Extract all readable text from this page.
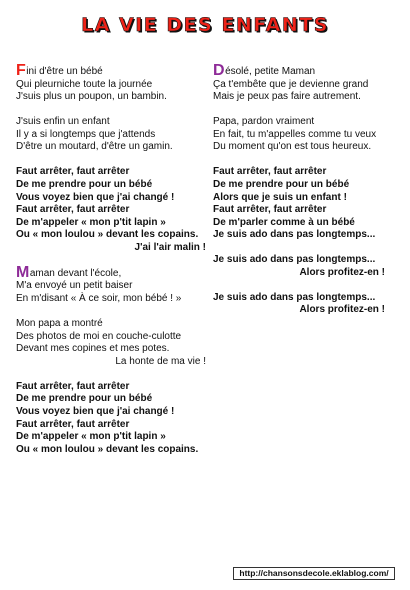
LA VIE DES ENFANTS
Fini d'être un bébé
Qui pleurniche toute la journée
J'suis plus un poupon, un bambin.
J'suis enfin un enfant
Il y a si longtemps que j'attends
D'être un moutard, d'être un gamin.
Faut arrêter, faut arrêter
De me prendre pour un bébé
Vous voyez bien que j'ai changé !
Faut arrêter, faut arrêter
De m'appeler « mon p'tit lapin »
Ou « mon loulou » devant les copains.
J'ai l'air malin !
Maman devant l'école,
M'a envoyé un petit baiser
En m'disant « À ce soir, mon bébé ! »
Mon papa a montré
Des photos de moi en couche-culotte
Devant mes copines et mes potes.
La honte de ma vie !
Faut arrêter, faut arrêter
De me prendre pour un bébé
Vous voyez bien que j'ai changé !
Faut arrêter, faut arrêter
De m'appeler « mon p'tit lapin »
Ou « mon loulou » devant les copains.
Désolé, petite Maman
Ça t'embête que je devienne grand
Mais je peux pas faire autrement.
Papa, pardon vraiment
En fait, tu m'appelles comme tu veux
Du moment qu'on est tous heureux.
Faut arrêter, faut arrêter
De me prendre pour un bébé
Alors que je suis un enfant !
Faut arrêter, faut arrêter
De m'parler comme à un bébé
Je suis ado dans pas longtemps...
Je suis ado dans pas longtemps...
Alors profitez-en !
Je suis ado dans pas longtemps...
Alors profitez-en !
http://chansonsdecole.eklablog.com/
